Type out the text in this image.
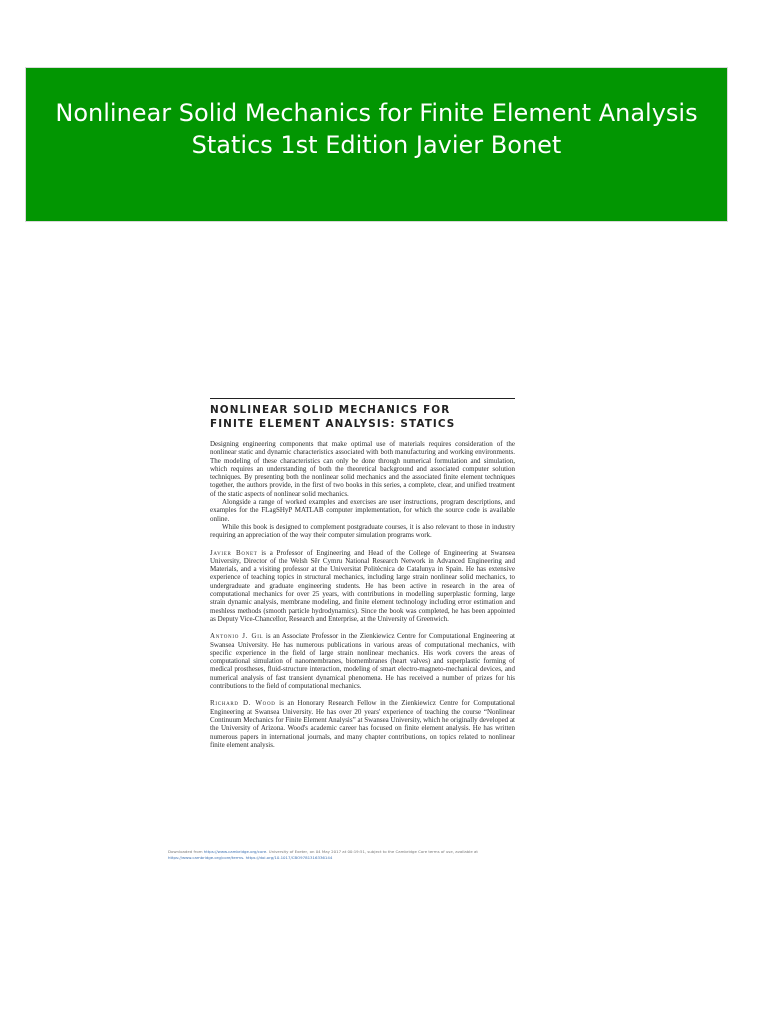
Nonlinear Solid Mechanics for Finite Element Analysis Statics 1st Edition Javier Bonet
NONLINEAR SOLID MECHANICS FOR
FINITE ELEMENT ANALYSIS: STATICS

Designing engineering components that make optimal use of materials requires consideration of the nonlinear static and dynamic characteristics associated with both manufacturing and working environments. The modeling of these characteristics can only be done through numerical formulation and simulation, which requires an understanding of both the theoretical background and associated computer solution techniques. By presenting both the nonlinear solid mechanics and the associated finite element techniques together, the authors provide, in the first of two books in this series, a complete, clear, and unified treatment of the static aspects of nonlinear solid mechanics.

Alongside a range of worked examples and exercises are user instructions, program descriptions, and examples for the FLagSHyP MATLAB computer implementation, for which the source code is available online.

While this book is designed to complement postgraduate courses, it is also relevant to those in industry requiring an appreciation of the way their computer simulation programs work.

Javier Bonet is a Professor of Engineering and Head of the College of Engineering at Swansea University, Director of the Welsh Sêr Cymru National Research Network in Advanced Engineering and Materials, and a visiting professor at the Universitat Politècnica de Catalunya in Spain. He has extensive experience of teaching topics in structural mechanics, including large strain nonlinear solid mechanics, to undergraduate and graduate engineering students. He has been active in research in the area of computational mechanics for over 25 years, with contributions in modelling superplastic forming, large strain dynamic analysis, membrane modeling, and finite element technology including error estimation and meshless methods (smooth particle hydrodynamics). Since the book was completed, he has been appointed as Deputy Vice-Chancellor, Research and Enterprise, at the University of Greenwich.

Antonio J. Gil is an Associate Professor in the Zienkiewicz Centre for Computational Engineering at Swansea University. He has numerous publications in various areas of computational mechanics, with specific experience in the field of large strain nonlinear mechanics. His work covers the areas of computational simulation of nanomembranes, biomembranes (heart valves) and superplastic forming of medical prostheses, fluid-structure interaction, modeling of smart electro-magneto-mechanical devices, and numerical analysis of fast transient dynamical phenomena. He has received a number of prizes for his contributions to the field of computational mechanics.

Richard D. Wood is an Honorary Research Fellow in the Zienkiewicz Centre for Computational Engineering at Swansea University. He has over 20 years' experience of teaching the course “Nonlinear Continuum Mechanics for Finite Element Analysis” at Swansea University, which he originally developed at the University of Arizona. Wood's academic career has focused on finite element analysis. He has written numerous papers in international journals, and many chapter contributions, on topics related to nonlinear finite element analysis.

Downloaded from https://www.cambridge.org/core. University of Exeter, on 04 May 2017 at 00:19:51, subject to the Cambridge Core terms of use, available at
https://www.cambridge.org/core/terms. https://doi.org/10.1017/CBO9781316336144
